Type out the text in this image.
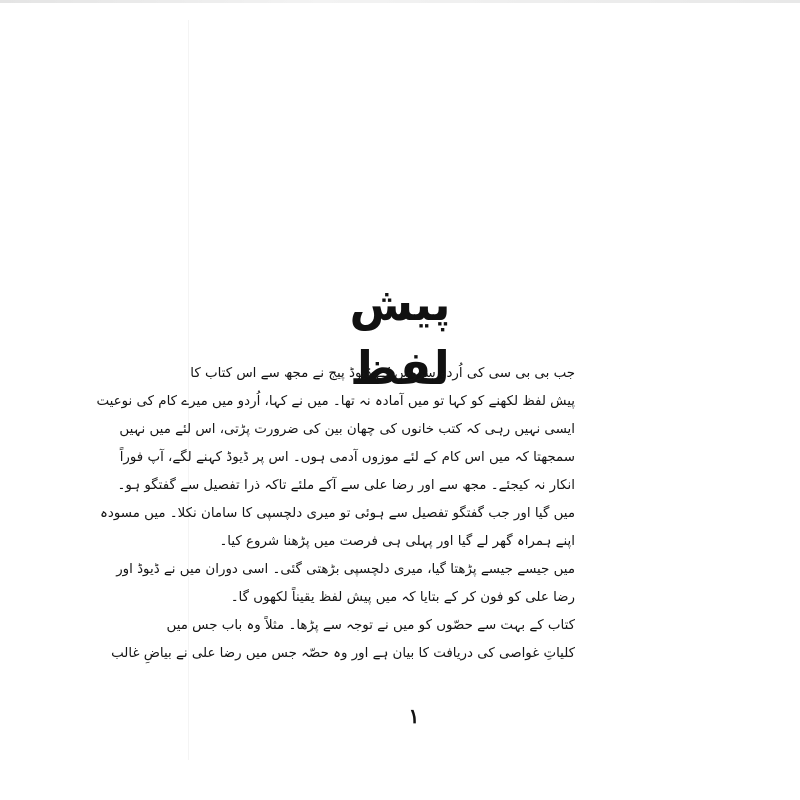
پیش لفظ
جب بی بی سی کی اُردو سروس کے ڈیوڈ پیج نے مجھ سے اس کتاب کا
پیش لفظ لکھنے کو کہا تو میں آمادہ نہ تھا۔ میں نے کہا، اُردو میں میرے کام کی نوعیت
ایسی نہیں رہی کہ کتب خانوں کی چھان بین کی ضرورت پڑتی، اس لئے میں نہیں
سمجھتا کہ میں اس کام کے لئے موزوں آدمی ہوں۔ اس پر ڈیوڈ کہنے لگے، آپ فوراً
انکار نہ کیجئے۔ مجھ سے اور رضا علی سے آکے ملئے تاکہ ذرا تفصیل سے گفتگو ہو۔
میں گیا اور جب گفتگو تفصیل سے ہوئی تو میری دلچسپی کا سامان نکلا۔ میں مسودہ
اپنے ہمراہ گھر لے گیا اور پہلی ہی فرصت میں پڑھنا شروع کیا۔
میں جیسے جیسے پڑھتا گیا، میری دلچسپی بڑھتی گئی۔ اسی دوران میں نے ڈیوڈ اور
رضا علی کو فون کر کے بتایا کہ میں پیش لفظ یقیناً لکھوں گا۔
کتاب کے بہت سے حصّوں کو میں نے توجہ سے پڑھا۔ مثلاً وہ باب جس میں
کلیاتِ غواصی کی دریافت کا بیان ہے اور وہ حصّہ جس میں رضا علی نے بیاضِ غالب
۱
